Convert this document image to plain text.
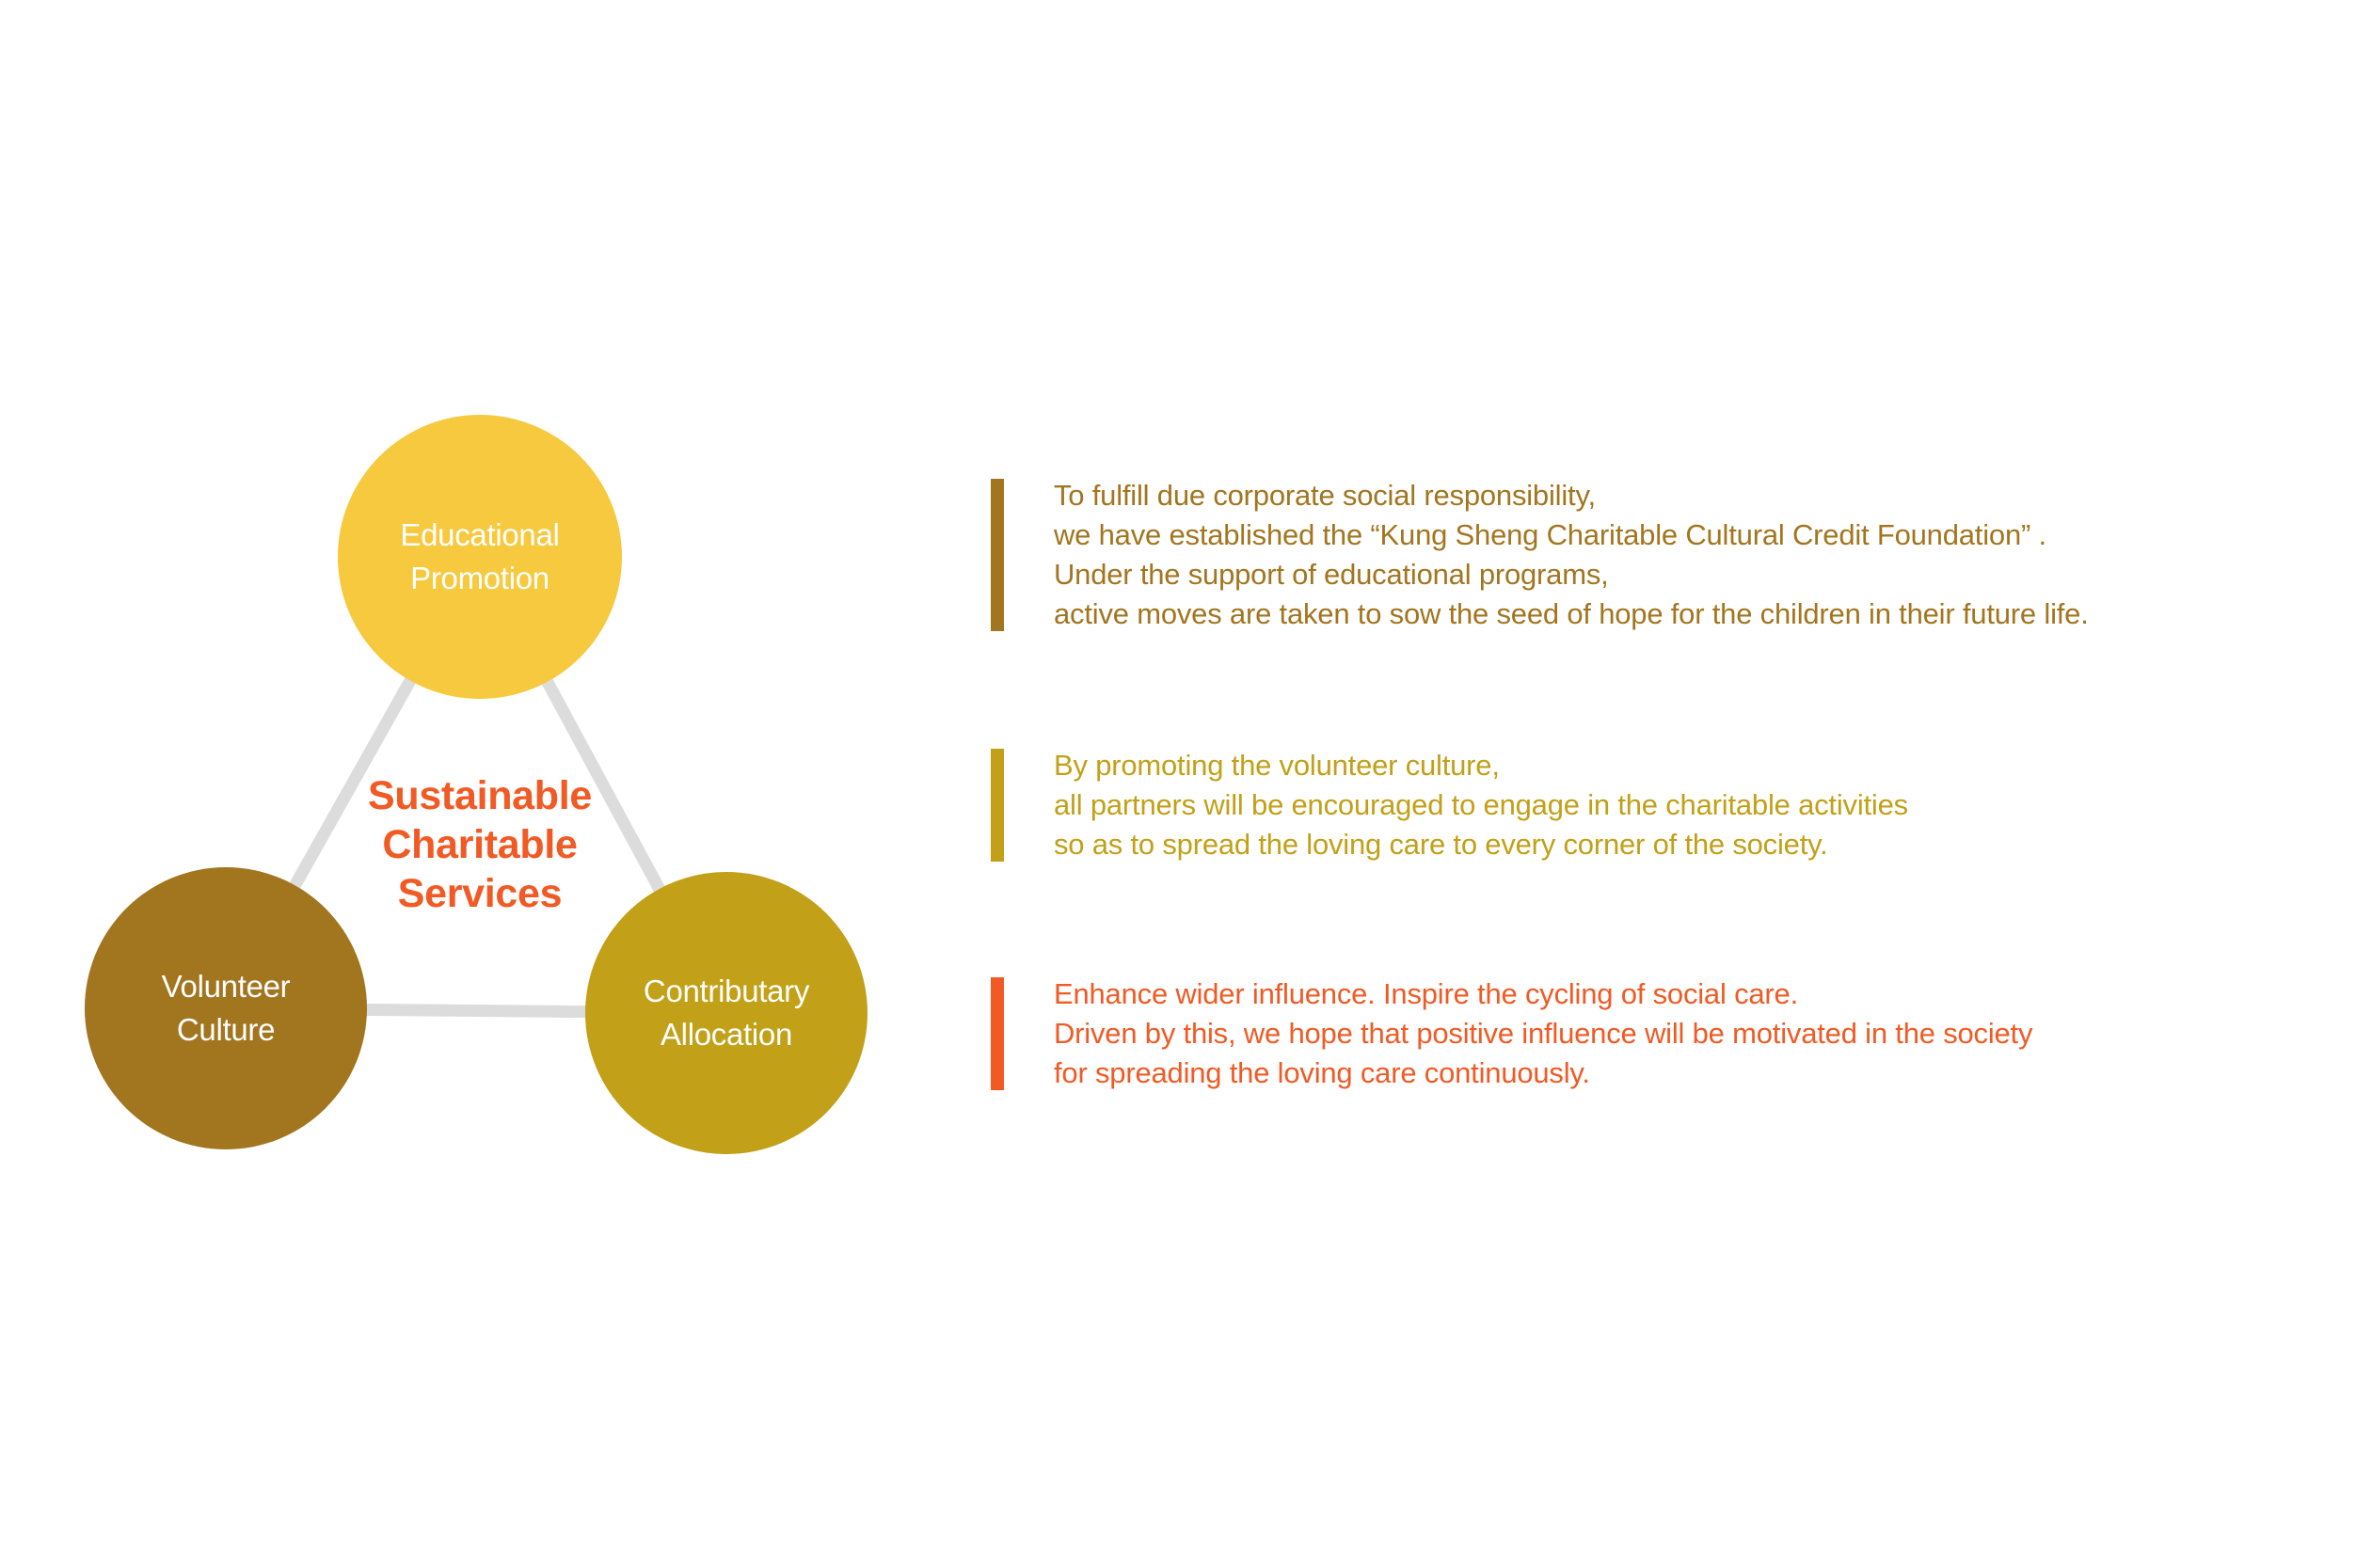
Educational
Promotion
Volunteer
Culture
Contributary
Allocation
Sustainable
Charitable
Services
To fulfill due corporate social responsibility,
we have established the “Kung Sheng Charitable Cultural Credit Foundation” .
Under the support of educational programs,
active moves are taken to sow the seed of hope for the children in their future life.
By promoting the volunteer culture,
all partners will be encouraged to engage in the charitable activities
so as to spread the loving care to every corner of the society.
Enhance wider influence. Inspire the cycling of social care.
Driven by this, we hope that positive influence will be motivated in the society
for spreading the loving care continuously.
